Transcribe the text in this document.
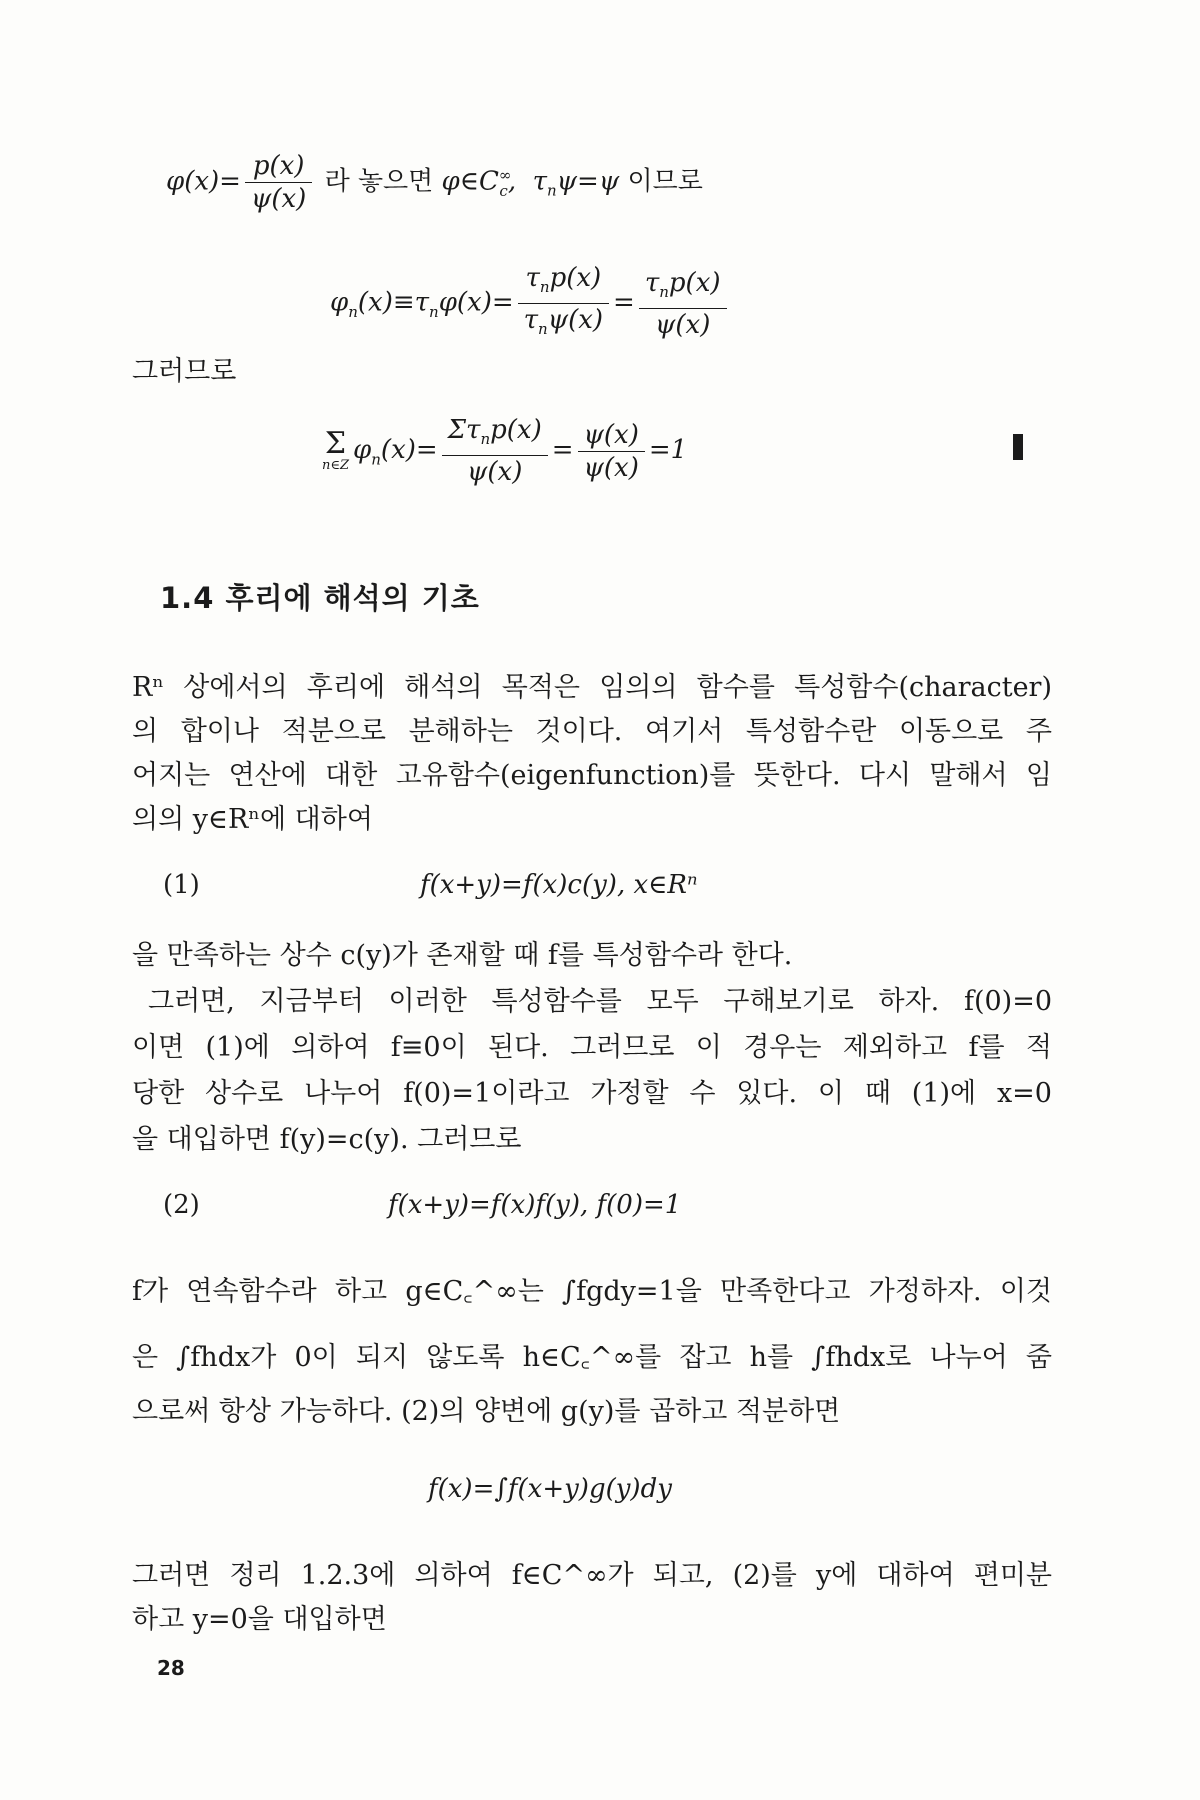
$\varphi(x)= \frac{p(x)}{\psi(x)}$ 라 놓으면 $\varphi\in C^\infty_c$,  $\tau_n\psi=\psi$ 이므로
$\varphi_n(x)\equiv\tau_n\varphi(x)= \frac{\tau_np(x)}{\tau_n\psi(x)} = \frac{\tau_np(x)}{\psi(x)}$
그러므로
Σ
n∈Z
$\varphi_n(x)= \frac{\Sigma\tau_np(x)}{\psi(x)} = \frac{\psi(x)}{\psi(x)} =1$
1.4 후리에 해석의 기초
Rⁿ 상에서의 후리에 해석의 목적은 임의의 함수를 특성함수(character)
의 합이나 적분으로 분해하는 것이다. 여기서 특성함수란 이동으로 주
어지는 연산에 대한 고유함수(eigenfunction)를 뜻한다. 다시 말해서 임
의의 y∈Rⁿ에 대하여
(1)	f(x+y)=f(x)c(y), x∈Rⁿ
을 만족하는 상수 c(y)가 존재할 때 f를 특성함수라 한다.
그러면, 지금부터 이러한 특성함수를 모두 구해보기로 하자. f(0)=0
이면 (1)에 의하여 f≡0이 된다. 그러므로 이 경우는 제외하고 f를 적
당한 상수로 나누어 f(0)=1이라고 가정할 수 있다. 이 때 (1)에 x=0
을 대입하면 f(y)=c(y). 그러므로
(2)	f(x+y)=f(x)f(y), f(0)=1
f가 연속함수라 하고 g∈C꜀^∞는 ∫fgdy=1을 만족한다고 가정하자. 이것
은 ∫fhdx가 0이 되지 않도록 h∈C꜀^∞를 잡고 h를 ∫fhdx로 나누어 줌
으로써 항상 가능하다. (2)의 양변에 g(y)를 곱하고 적분하면
f(x)=∫f(x+y)g(y)dy
그러면 정리 1.2.3에 의하여 f∈C^∞가 되고, (2)를 y에 대하여 편미분
하고 y=0을 대입하면
28
